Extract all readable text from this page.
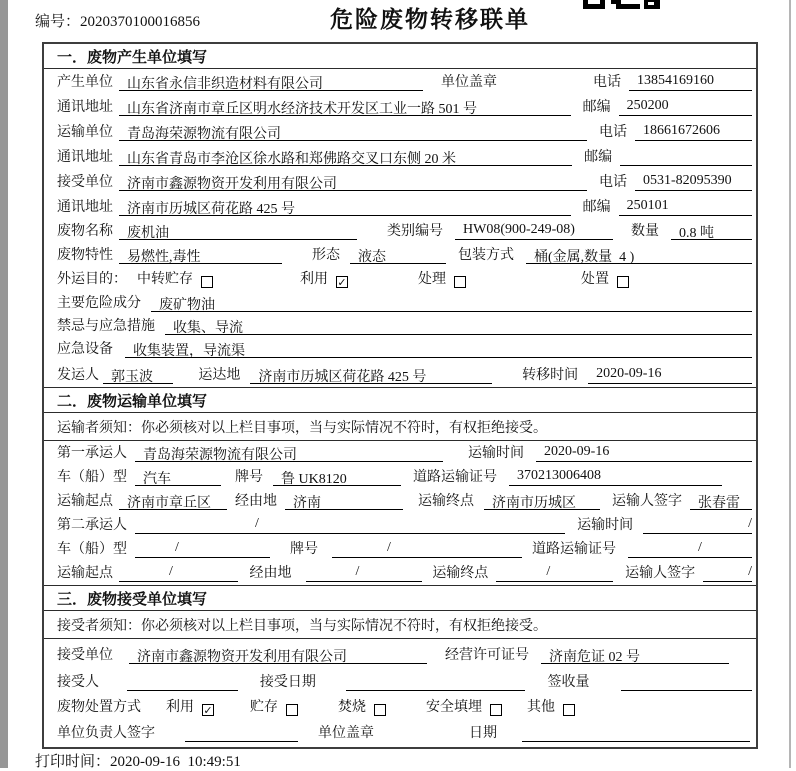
编号：2020370100016856	危险废物转移联单
一．废物产生单位填写
产生单位	山东省永信非织造材料有限公司	单位盖章	电话	13854169160
通讯地址	山东省济南市章丘区明水经济技术开发区工业一路 501 号	邮编	250200
运输单位	青岛海荣源物流有限公司	电话	18661672606
通讯地址	山东省青岛市李沧区徐水路和郑佛路交叉口东侧 20 米	邮编
接受单位	济南市鑫源物资开发利用有限公司	电话	0531-82095390
通讯地址	济南市历城区荷花路 425 号	邮编	250101
废物名称	废机油	类别编号	HW08(900-249-08)	数量	0.8 吨
废物特性	易燃性,毒性	形态	液态	包装方式	桶(金属,数量  4 )
外运目的： 中转贮存	利用 ✓	处理	处置
主要危险成分	废矿物油
禁忌与应急措施	收集、导流
应急设备	收集装置，导流渠
发运人 郭玉波	运达地	济南市历城区荷花路 425 号	转移时间	2020-09-16
二．废物运输单位填写
运输者须知：你必须核对以上栏目事项，当与实际情况不符时，有权拒绝接受。
第一承运人	青岛海荣源物流有限公司	运输时间	2020-09-16
车（船）型	汽车	牌号	鲁 UK8120	道路运输证号	370213006408
运输起点	济南市章丘区	经由地	济南	运输终点	济南市历城区	运输人签字	张春雷
第二承运人	/	运输时间	/
车（船）型	/	牌号	/	道路运输证号	/
运输起点	/	经由地	/	运输终点	/	运输人签字	/
三．废物接受单位填写
接受者须知：你必须核对以上栏目事项，当与实际情况不符时，有权拒绝接受。
接受单位	济南市鑫源物资开发利用有限公司	经营许可证号	济南危证 02 号
接受人	接受日期	签收量
废物处置方式 利用 ✓	贮存	焚烧	安全填埋	其他
单位负责人签字	单位盖章	日期
打印时间：2020-09-16  10:49:51
